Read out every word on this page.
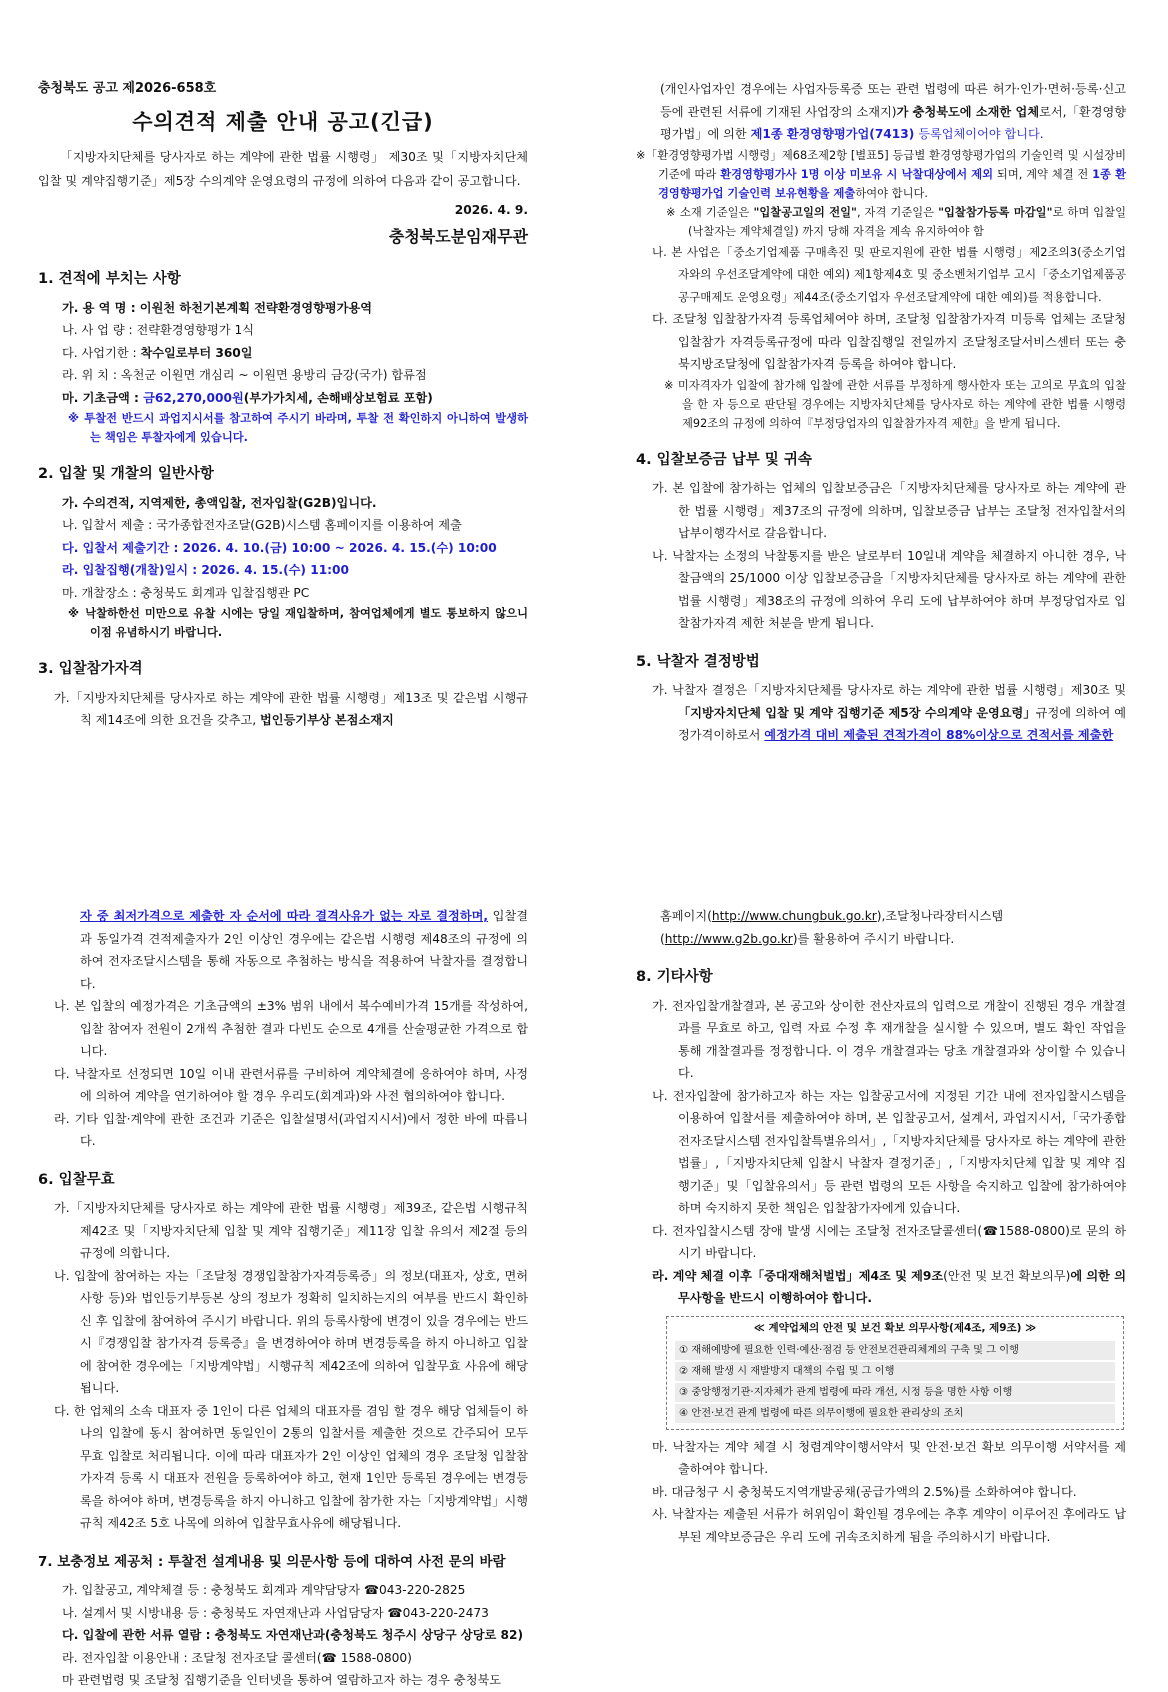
충청북도 공고 제2026-658호
수의견적 제출 안내 공고(긴급)
「지방자치단체를 당사자로 하는 계약에 관한 법률 시행령」 제30조 및「지방자치단체 입찰 및 계약집행기준」제5장 수의계약 운영요령의 규정에 의하여 다음과 같이 공고합니다.
2026. 4. 9.
충청북도분임재무관
1. 견적에 부치는 사항
가. 용 역 명 : 이원천 하천기본계획 전략환경영향평가용역
나. 사 업 량 : 전략환경영향평가 1식
다. 사업기한 : 착수일로부터 360일
라. 위 치 : 옥천군 이원면 개심리 ~ 이원면 용방리 금강(국가) 합류점
마. 기초금액 : 금62,270,000원(부가가치세, 손해배상보험료 포함)
※ 투찰전 반드시 과업지시서를 참고하여 주시기 바라며, 투찰 전 확인하지 아니하여 발생하는 책임은 투찰자에게 있습니다.
2. 입찰 및 개찰의 일반사항
가. 수의견적, 지역제한, 총액입찰, 전자입찰(G2B)입니다.
나. 입찰서 제출 : 국가종합전자조달(G2B)시스템 홈페이지를 이용하여 제출
다. 입찰서 제출기간 : 2026. 4. 10.(금) 10:00 ~ 2026. 4. 15.(수) 10:00
라. 입찰집행(개찰)일시 : 2026. 4. 15.(수) 11:00
마. 개찰장소 : 충청북도 회계과 입찰집행관 PC
※ 낙찰하한선 미만으로 유찰 시에는 당일 재입찰하며, 참여업체에게 별도 통보하지 않으니 이점 유념하시기 바랍니다.
3. 입찰참가자격
가.「지방자치단체를 당사자로 하는 계약에 관한 법률 시행령」제13조 및 같은법 시행규칙 제14조에 의한 요건을 갖추고, 법인등기부상 본점소재지
(개인사업자인 경우에는 사업자등록증 또는 관련 법령에 따른 허가·인가·면허·등록·신고 등에 관련된 서류에 기재된 사업장의 소재지)가 충청북도에 소재한 업체로서,「환경영향평가법」에 의한 제1종 환경영향평가업(7413) 등록업체이어야 합니다.
※「환경영향평가법 시행령」제68조제2항 [별표5] 등급별 환경영향평가업의 기술인력 및 시설장비 기준에 따라 환경영향평가사 1명 이상 미보유 시 낙찰대상에서 제외 되며, 계약 체결 전 1종 환경영향평가업 기술인력 보유현황을 제출하여야 합니다.
※ 소재 기준일은 "입찰공고일의 전일", 자격 기준일은 "입찰참가등록 마감일"로 하며 입찰일(낙찰자는 계약체결일) 까지 당해 자격을 계속 유지하여야 함
나. 본 사업은「중소기업제품 구매촉진 및 판로지원에 관한 법률 시행령」제2조의3(중소기업자와의 우선조달계약에 대한 예외) 제1항제4호 및 중소벤처기업부 고시「중소기업제품공공구매제도 운영요령」제44조(중소기업자 우선조달계약에 대한 예외)를 적용합니다.
다. 조달청 입찰참가자격 등록업체여야 하며, 조달청 입찰참가자격 미등록 업체는 조달청입찰참가 자격등록규정에 따라 입찰집행일 전일까지 조달청조달서비스센터 또는 충북지방조달청에 입찰참가자격 등록을 하여야 합니다.
※ 미자격자가 입찰에 참가해 입찰에 관한 서류를 부정하게 행사한자 또는 고의로 무효의 입찰을 한 자 등으로 판단될 경우에는 지방자치단체를 당사자로 하는 계약에 관한 법률 시행령 제92조의 규정에 의하여『부정당업자의 입찰참가자격 제한』을 받게 됩니다.
4. 입찰보증금 납부 및 귀속
가. 본 입찰에 참가하는 업체의 입찰보증금은「지방자치단체를 당사자로 하는 계약에 관한 법률 시행령」제37조의 규정에 의하며, 입찰보증금 납부는 조달청 전자입찰서의 납부이행각서로 갈음합니다.
나. 낙찰자는 소정의 낙찰통지를 받은 날로부터 10일내 계약을 체결하지 아니한 경우, 낙찰금액의 25/1000 이상 입찰보증금을「지방자치단체를 당사자로 하는 계약에 관한 법률 시행령」제38조의 규정에 의하여 우리 도에 납부하여야 하며 부정당업자로 입찰참가자격 제한 처분을 받게 됩니다.
5. 낙찰자 결정방법
가. 낙찰자 결정은「지방자치단체를 당사자로 하는 계약에 관한 법률 시행령」제30조 및「지방자치단체 입찰 및 계약 집행기준 제5장 수의계약 운영요령」규정에 의하여 예정가격이하로서 예정가격 대비 제출된 견적가격이 88%이상으로 견적서를 제출한
자 중 최저가격으로 제출한 자 순서에 따라 결격사유가 없는 자로 결정하며, 입찰결과 동일가격 견적제출자가 2인 이상인 경우에는 같은법 시행령 제48조의 규정에 의하여 전자조달시스템을 통해 자동으로 추첨하는 방식을 적용하여 낙찰자를 결정합니다.
나. 본 입찰의 예정가격은 기초금액의 ±3% 범위 내에서 복수예비가격 15개를 작성하여, 입찰 참여자 전원이 2개씩 추첨한 결과 다빈도 순으로 4개를 산술평균한 가격으로 합니다.
다. 낙찰자로 선정되면 10일 이내 관련서류를 구비하여 계약체결에 응하여야 하며, 사정에 의하여 계약을 연기하여야 할 경우 우리도(회계과)와 사전 협의하여야 합니다.
라. 기타 입찰·계약에 관한 조건과 기준은 입찰설명서(과업지시서)에서 정한 바에 따릅니다.
6. 입찰무효
가.「지방자치단체를 당사자로 하는 계약에 관한 법률 시행령」제39조, 같은법 시행규칙 제42조 및「지방자치단체 입찰 및 계약 집행기준」제11장 입찰 유의서 제2절 등의 규정에 의합니다.
나. 입찰에 참여하는 자는「조달청 경쟁입찰참가자격등록증」의 정보(대표자, 상호, 면허사항 등)와 법인등기부등본 상의 정보가 정확히 일치하는지의 여부를 반드시 확인하신 후 입찰에 참여하여 주시기 바랍니다. 위의 등록사항에 변경이 있을 경우에는 반드시『경쟁입찰 참가자격 등록증』을 변경하여야 하며 변경등록을 하지 아니하고 입찰에 참여한 경우에는「지방계약법」시행규칙 제42조에 의하여 입찰무효 사유에 해당됩니다.
다. 한 업체의 소속 대표자 중 1인이 다른 업체의 대표자를 겸임 할 경우 해당 업체들이 하나의 입찰에 동시 참여하면 동일인이 2통의 입찰서를 제출한 것으로 간주되어 모두 무효 입찰로 처리됩니다. 이에 따라 대표자가 2인 이상인 업체의 경우 조달청 입찰참가자격 등록 시 대표자 전원을 등록하여야 하고, 현재 1인만 등록된 경우에는 변경등록을 하여야 하며, 변경등록을 하지 아니하고 입찰에 참가한 자는「지방계약법」시행규칙 제42조 5호 나목에 의하여 입찰무효사유에 해당됩니다.
7. 보충정보 제공처 : 투찰전 설계내용 및 의문사항 등에 대하여 사전 문의 바람
가. 입찰공고, 계약체결 등 : 충청북도 회계과 계약담당자 ☎043-220-2825
나. 설계서 및 시방내용 등 : 충청북도 자연재난과 사업담당자 ☎043-220-2473
다. 입찰에 관한 서류 열람 : 충청북도 자연재난과(충청북도 청주시 상당구 상당로 82)
라. 전자입찰 이용안내 : 조달청 전자조달 콜센터(☎ 1588-0800)
마 관련법령 및 조달청 집행기준을 인터넷을 통하여 열람하고자 하는 경우 충청북도
홈페이지(http://www.chungbuk.go.kr),조달청나라장터시스템(http://www.g2b.go.kr)를 활용하여 주시기 바랍니다.
8. 기타사항
가. 전자입찰개찰결과, 본 공고와 상이한 전산자료의 입력으로 개찰이 진행된 경우 개찰결과를 무효로 하고, 입력 자료 수정 후 재개찰을 실시할 수 있으며, 별도 확인 작업을 통해 개찰결과를 정정합니다. 이 경우 개찰결과는 당초 개찰결과와 상이할 수 있습니다.
나. 전자입찰에 참가하고자 하는 자는 입찰공고서에 지정된 기간 내에 전자입찰시스템을 이용하여 입찰서를 제출하여야 하며, 본 입찰공고서, 설계서, 과업지시서,「국가종합전자조달시스템 전자입찰특별유의서」,「지방자치단체를 당사자로 하는 계약에 관한 법률」,「지방자치단체 입찰시 낙찰자 결정기준」,「지방자치단체 입찰 및 계약 집행기준」및「입찰유의서」등 관련 법령의 모든 사항을 숙지하고 입찰에 참가하여야 하며 숙지하지 못한 책임은 입찰참가자에게 있습니다.
다. 전자입찰시스템 장애 발생 시에는 조달청 전자조달콜센터(☎1588-0800)로 문의 하시기 바랍니다.
라. 계약 체결 이후「중대재해처벌법」제4조 및 제9조(안전 및 보건 확보의무)에 의한 의무사항을 반드시 이행하여야 합니다.
≪ 계약업체의 안전 및 보건 확보 의무사항(제4조, 제9조) ≫
① 재해예방에 필요한 인력·예산·점검 등 안전보건관리체계의 구축 및 그 이행
② 재해 발생 시 재발방지 대책의 수립 및 그 이행
③ 중앙행정기관·지자체가 관계 법령에 따라 개선, 시정 등을 명한 사항 이행
④ 안전·보건 관계 법령에 따른 의무이행에 필요한 관리상의 조치
마. 낙찰자는 계약 체결 시 청렴계약이행서약서 및 안전·보건 확보 의무이행 서약서를 제출하여야 합니다.
바. 대금청구 시 충청북도지역개발공채(공급가액의 2.5%)를 소화하여야 합니다.
사. 낙찰자는 제출된 서류가 허위임이 확인될 경우에는 추후 계약이 이루어진 후에라도 납부된 계약보증금은 우리 도에 귀속조치하게 됨을 주의하시기 바랍니다.
